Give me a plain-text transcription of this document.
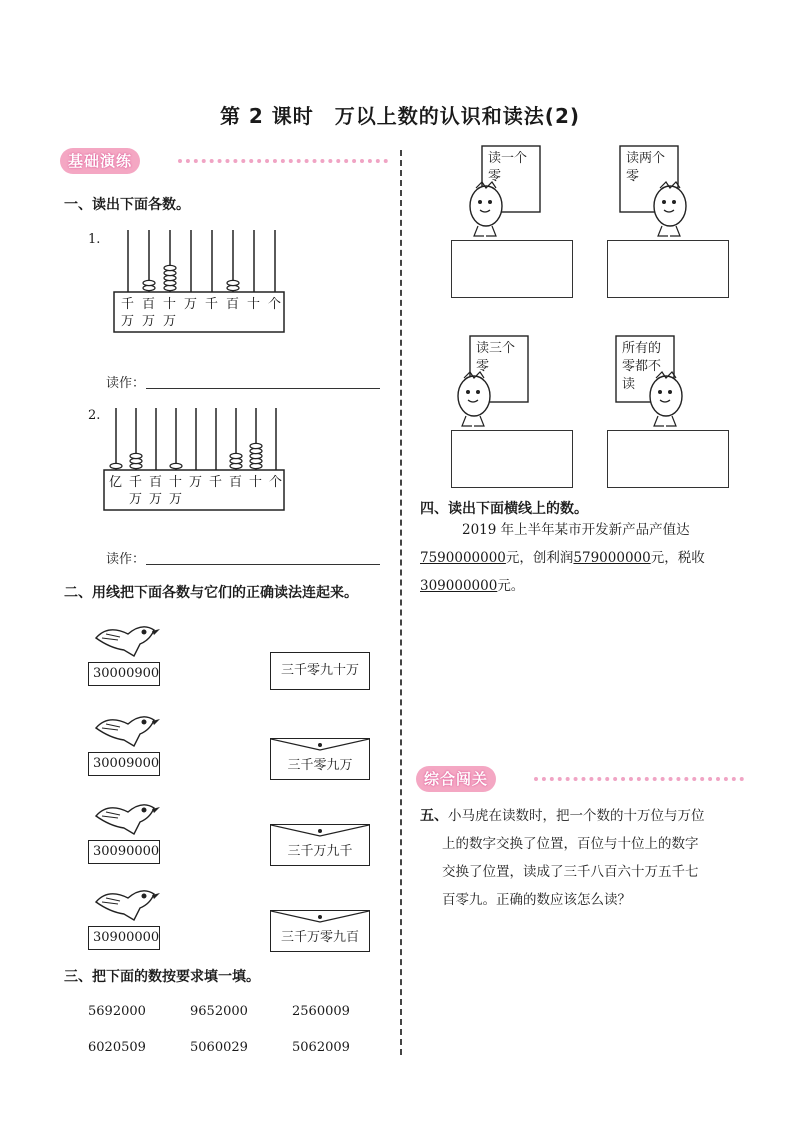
第 2 课时　万以上数的认识和读法(2)
基础演练
一、读出下面各数。
1.
千
万
百
万
十
万
万 千 百 十 个
读作：
2.
亿 千
万
百
万
十
万
万 千 百 十 个
读作：
二、用线把下面各数与它们的正确读法连起来。
30000900
30009000
30090000
30900000
三千零九十万
三千零九万
三千万九千
三千万零九百
三、把下面的数按要求填一填。
5692000	9652000	2560009
6020509	5060029	5062009
读一个零
读两个零
读三个零
所有的零都不读
四、读出下面横线上的数。
2019 年上半年某市开发新产品产值达
7590000000元，创利润579000000元，税收
309000000元。
综合闯关
五、小马虎在读数时，把一个数的十万位与万位
上的数字交换了位置，百位与十位上的数字
交换了位置，读成了三千八百六十万五千七
百零九。正确的数应该怎么读？
